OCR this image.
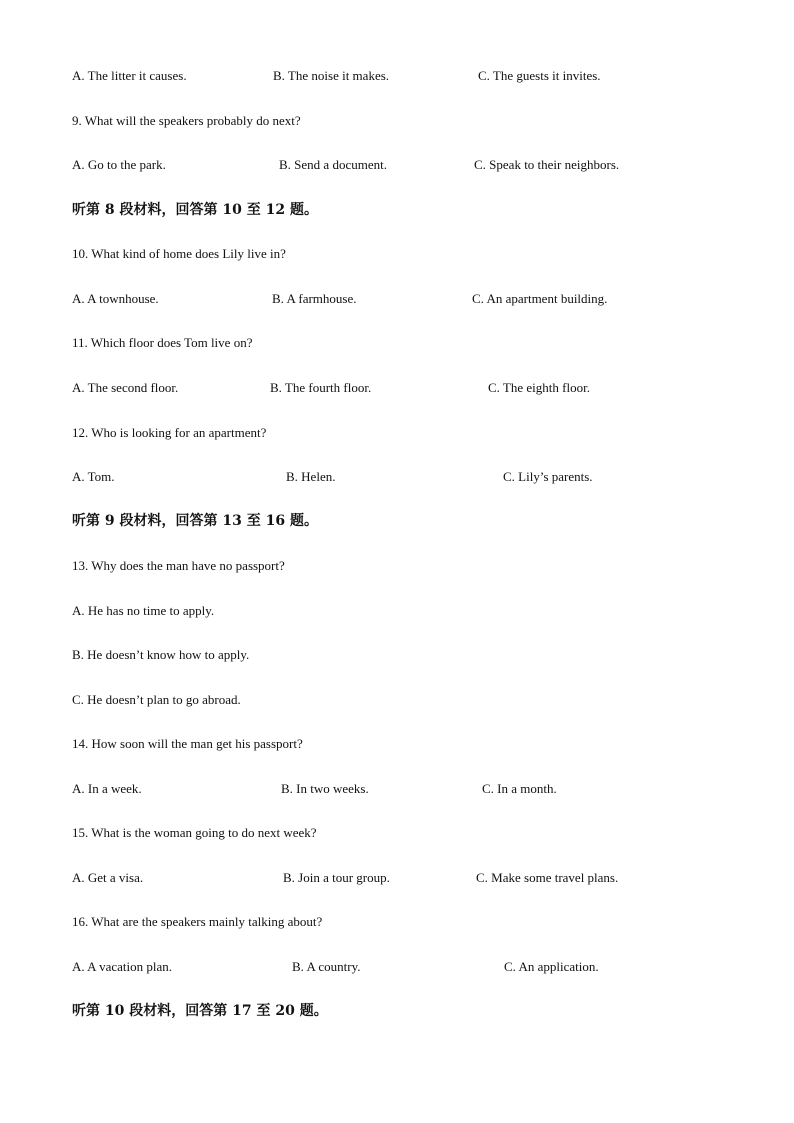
A. The litter it causes.	B. The noise it makes.	C. The guests it invites.
9. What will the speakers probably do next?
A. Go to the park.	B. Send a document.	C. Speak to their neighbors.
听第 8 段材料，回答第 10 至 12 题。
10. What kind of home does Lily live in?
A. A townhouse.	B. A farmhouse.	C. An apartment building.
11. Which floor does Tom live on?
A. The second floor.	B. The fourth floor.	C. The eighth floor.
12. Who is looking for an apartment?
A. Tom.	B. Helen.	C. Lily’s parents.
听第 9 段材料，回答第 13 至 16 题。
13. Why does the man have no passport?
A. He has no time to apply.
B. He doesn’t know how to apply.
C. He doesn’t plan to go abroad.
14. How soon will the man get his passport?
A. In a week.	B. In two weeks.	C. In a month.
15. What is the woman going to do next week?
A. Get a visa.	B. Join a tour group.	C. Make some travel plans.
16. What are the speakers mainly talking about?
A. A vacation plan.	B. A country.	C. An application.
听第 10 段材料，回答第 17 至 20 题。
